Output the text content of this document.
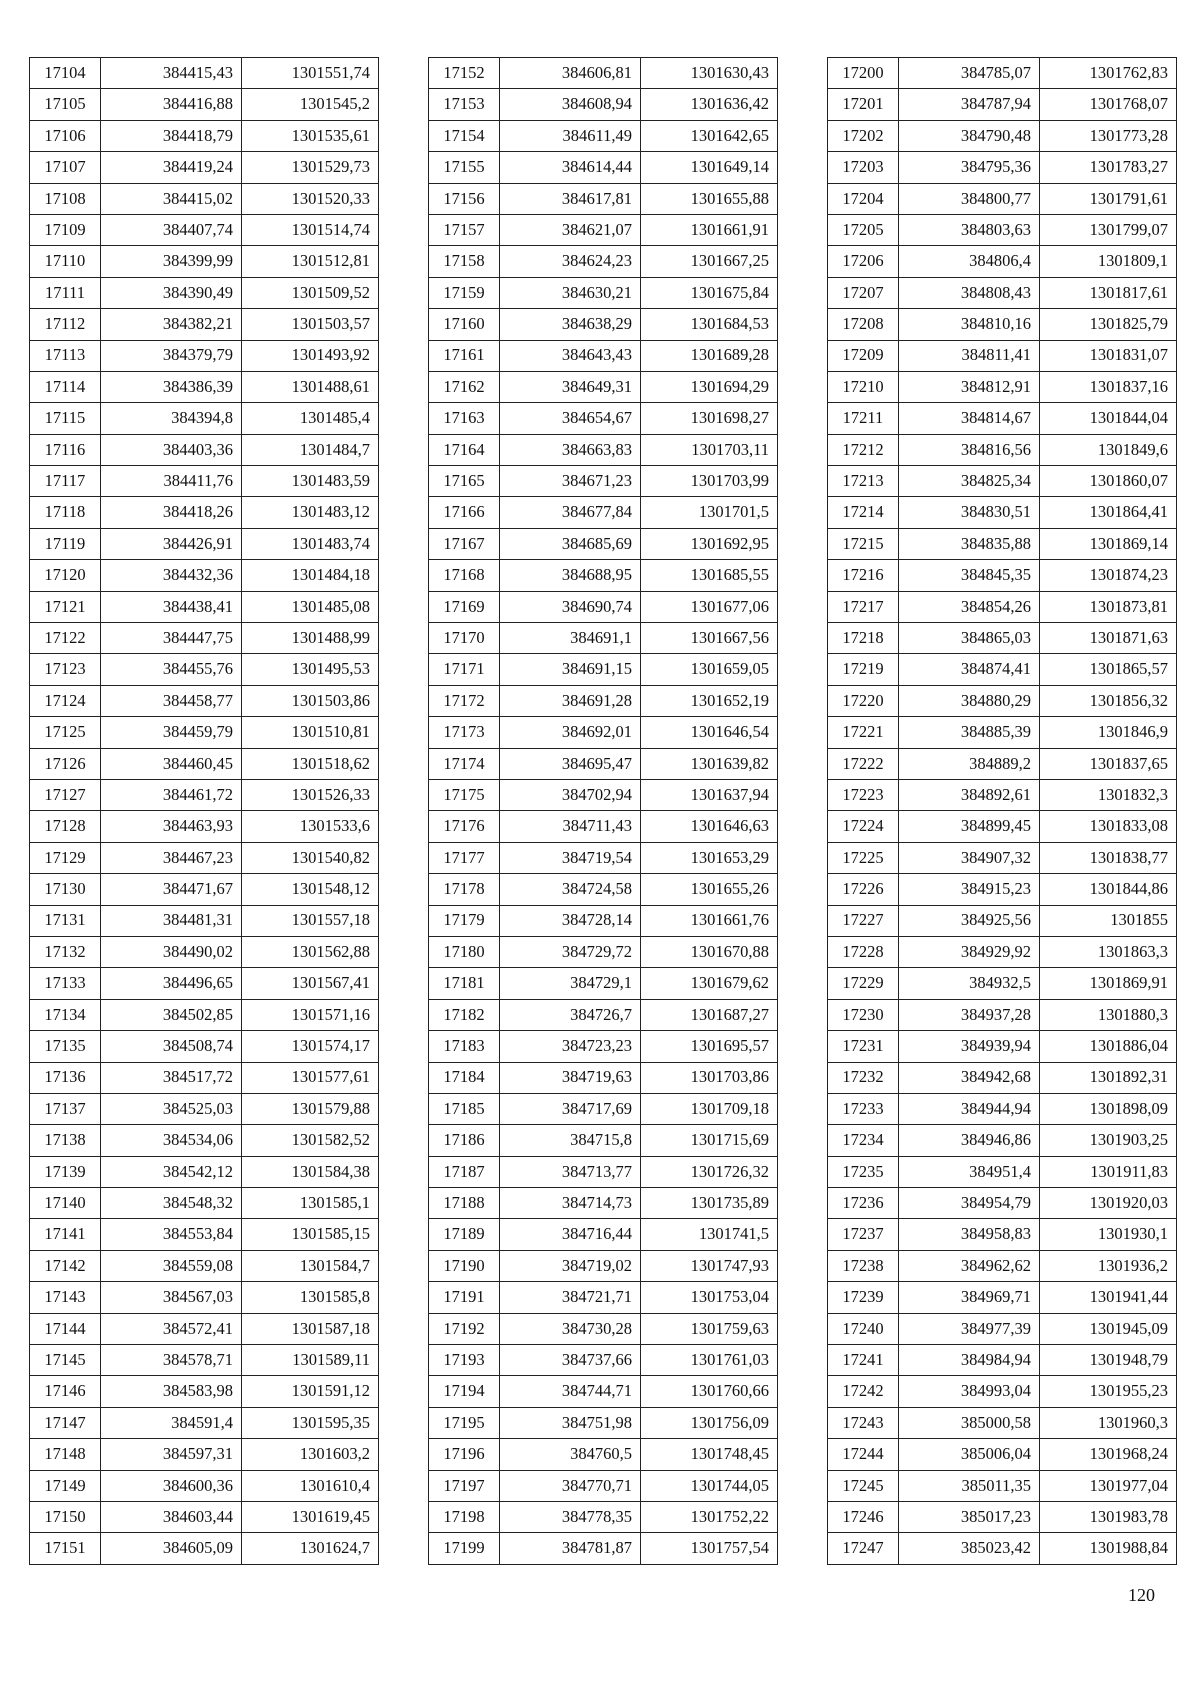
17104	384415,43	1301551,74
17105	384416,88	1301545,2
17106	384418,79	1301535,61
17107	384419,24	1301529,73
17108	384415,02	1301520,33
17109	384407,74	1301514,74
17110	384399,99	1301512,81
17111	384390,49	1301509,52
17112	384382,21	1301503,57
17113	384379,79	1301493,92
17114	384386,39	1301488,61
17115	384394,8	1301485,4
17116	384403,36	1301484,7
17117	384411,76	1301483,59
17118	384418,26	1301483,12
17119	384426,91	1301483,74
17120	384432,36	1301484,18
17121	384438,41	1301485,08
17122	384447,75	1301488,99
17123	384455,76	1301495,53
17124	384458,77	1301503,86
17125	384459,79	1301510,81
17126	384460,45	1301518,62
17127	384461,72	1301526,33
17128	384463,93	1301533,6
17129	384467,23	1301540,82
17130	384471,67	1301548,12
17131	384481,31	1301557,18
17132	384490,02	1301562,88
17133	384496,65	1301567,41
17134	384502,85	1301571,16
17135	384508,74	1301574,17
17136	384517,72	1301577,61
17137	384525,03	1301579,88
17138	384534,06	1301582,52
17139	384542,12	1301584,38
17140	384548,32	1301585,1
17141	384553,84	1301585,15
17142	384559,08	1301584,7
17143	384567,03	1301585,8
17144	384572,41	1301587,18
17145	384578,71	1301589,11
17146	384583,98	1301591,12
17147	384591,4	1301595,35
17148	384597,31	1301603,2
17149	384600,36	1301610,4
17150	384603,44	1301619,45
17151	384605,09	1301624,7
17152	384606,81	1301630,43
17153	384608,94	1301636,42
17154	384611,49	1301642,65
17155	384614,44	1301649,14
17156	384617,81	1301655,88
17157	384621,07	1301661,91
17158	384624,23	1301667,25
17159	384630,21	1301675,84
17160	384638,29	1301684,53
17161	384643,43	1301689,28
17162	384649,31	1301694,29
17163	384654,67	1301698,27
17164	384663,83	1301703,11
17165	384671,23	1301703,99
17166	384677,84	1301701,5
17167	384685,69	1301692,95
17168	384688,95	1301685,55
17169	384690,74	1301677,06
17170	384691,1	1301667,56
17171	384691,15	1301659,05
17172	384691,28	1301652,19
17173	384692,01	1301646,54
17174	384695,47	1301639,82
17175	384702,94	1301637,94
17176	384711,43	1301646,63
17177	384719,54	1301653,29
17178	384724,58	1301655,26
17179	384728,14	1301661,76
17180	384729,72	1301670,88
17181	384729,1	1301679,62
17182	384726,7	1301687,27
17183	384723,23	1301695,57
17184	384719,63	1301703,86
17185	384717,69	1301709,18
17186	384715,8	1301715,69
17187	384713,77	1301726,32
17188	384714,73	1301735,89
17189	384716,44	1301741,5
17190	384719,02	1301747,93
17191	384721,71	1301753,04
17192	384730,28	1301759,63
17193	384737,66	1301761,03
17194	384744,71	1301760,66
17195	384751,98	1301756,09
17196	384760,5	1301748,45
17197	384770,71	1301744,05
17198	384778,35	1301752,22
17199	384781,87	1301757,54
17200	384785,07	1301762,83
17201	384787,94	1301768,07
17202	384790,48	1301773,28
17203	384795,36	1301783,27
17204	384800,77	1301791,61
17205	384803,63	1301799,07
17206	384806,4	1301809,1
17207	384808,43	1301817,61
17208	384810,16	1301825,79
17209	384811,41	1301831,07
17210	384812,91	1301837,16
17211	384814,67	1301844,04
17212	384816,56	1301849,6
17213	384825,34	1301860,07
17214	384830,51	1301864,41
17215	384835,88	1301869,14
17216	384845,35	1301874,23
17217	384854,26	1301873,81
17218	384865,03	1301871,63
17219	384874,41	1301865,57
17220	384880,29	1301856,32
17221	384885,39	1301846,9
17222	384889,2	1301837,65
17223	384892,61	1301832,3
17224	384899,45	1301833,08
17225	384907,32	1301838,77
17226	384915,23	1301844,86
17227	384925,56	1301855
17228	384929,92	1301863,3
17229	384932,5	1301869,91
17230	384937,28	1301880,3
17231	384939,94	1301886,04
17232	384942,68	1301892,31
17233	384944,94	1301898,09
17234	384946,86	1301903,25
17235	384951,4	1301911,83
17236	384954,79	1301920,03
17237	384958,83	1301930,1
17238	384962,62	1301936,2
17239	384969,71	1301941,44
17240	384977,39	1301945,09
17241	384984,94	1301948,79
17242	384993,04	1301955,23
17243	385000,58	1301960,3
17244	385006,04	1301968,24
17245	385011,35	1301977,04
17246	385017,23	1301983,78
17247	385023,42	1301988,84
120
